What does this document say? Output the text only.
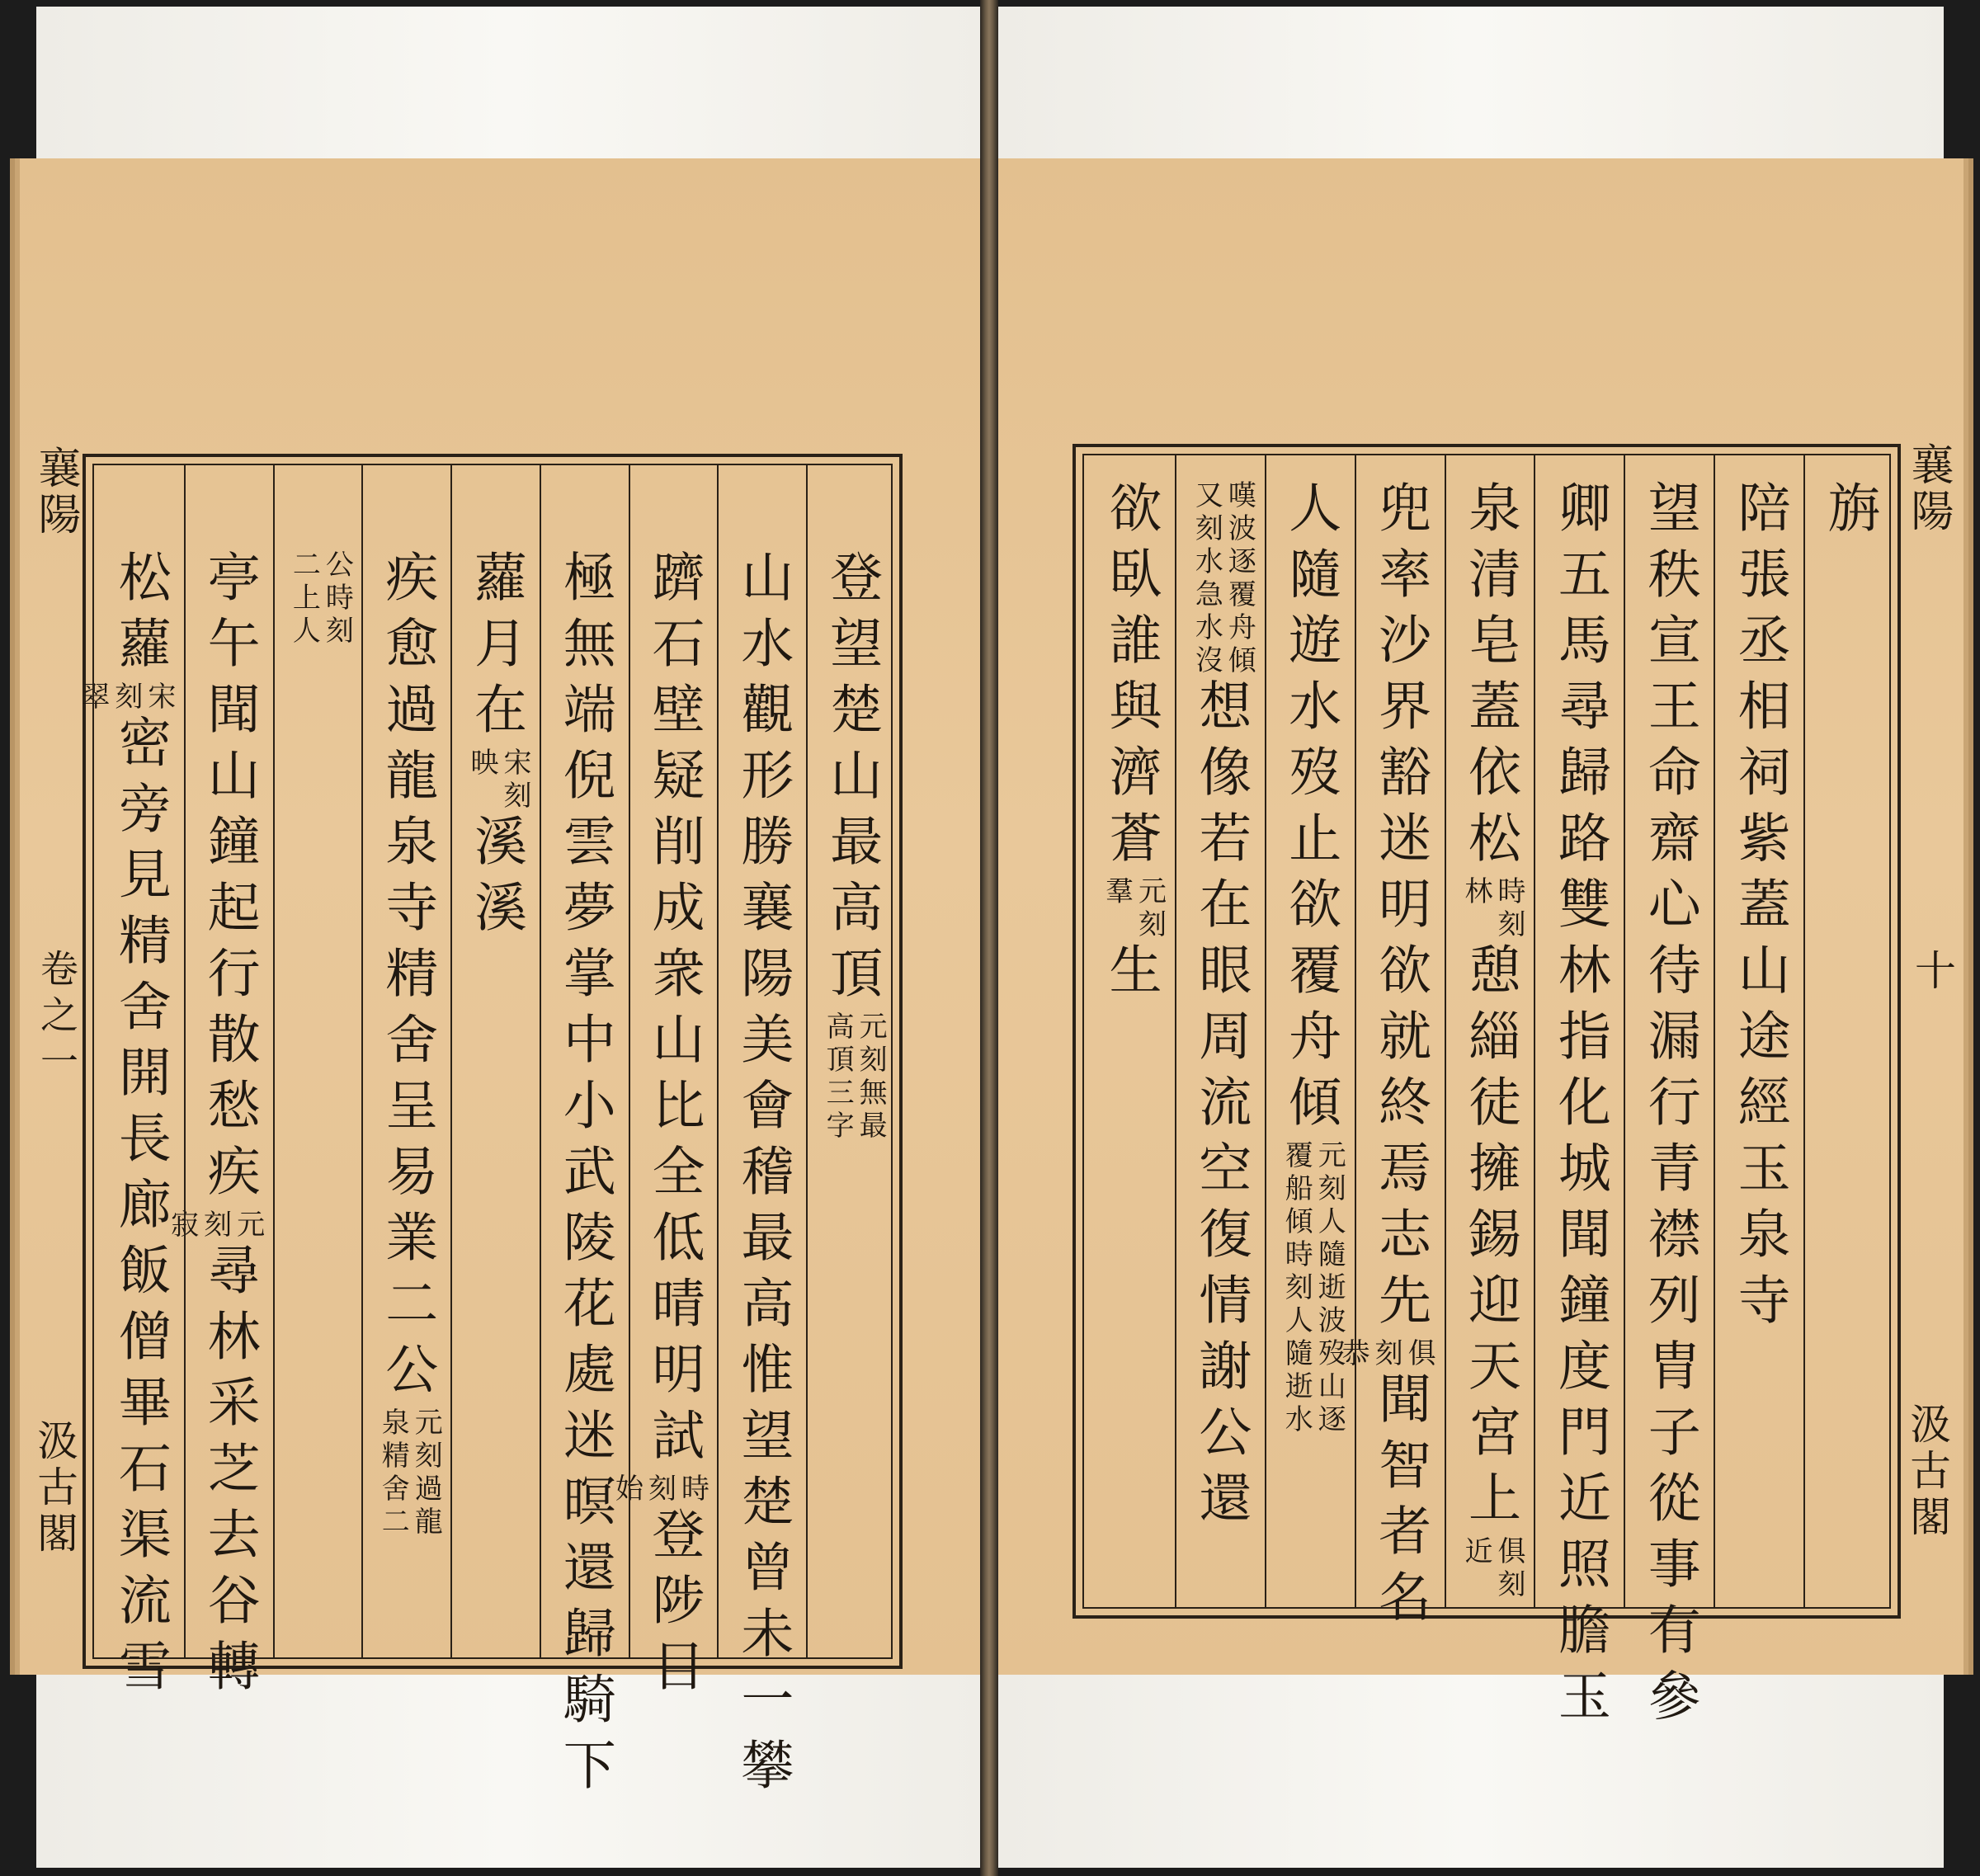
登望楚山最高頂
元刻無最高頂三字
山水觀形勝襄陽美會稽最高惟望楚曾未一攀
躋石壁疑削成衆山比全低晴明試
時刻始
登陟目
極無端倪雲夢掌中小武陵花處迷暝還歸騎下
蘿月在
宋刻映
溪溪
疾愈過龍泉寺精舍呈易業二公
元刻過龍泉精舍二
公時刻二上人
亭午聞山鐘起行散愁疾
元刻寂
尋林采芝去谷轉
松蘿
宋刻翠
密旁見精舍開長廊飯僧畢石渠流雪
襄陽
卷之一
汲古閣
旃
陪張丞相祠紫蓋山途經玉泉寺
望秩宣王命齋心待漏行青襟列胄子從事有參
卿五馬尋歸路雙林指化城聞鐘度門近照膽玉
泉清皂蓋依松
時刻林
憩緇徒擁錫迎天宮上
俱刻近
兜率沙界豁迷明欲就終焉志先
俱刻恭
聞智者名
人隨遊水歿止欲覆舟傾
元刻人隨逝波歿山逐覆船傾時刻人隨逝水
嘆波逐覆舟傾又刻水急水沒
想像若在眼周流空復情謝公還
欲臥誰與濟蒼
元刻羣
生
襄陽
十
汲古閣
